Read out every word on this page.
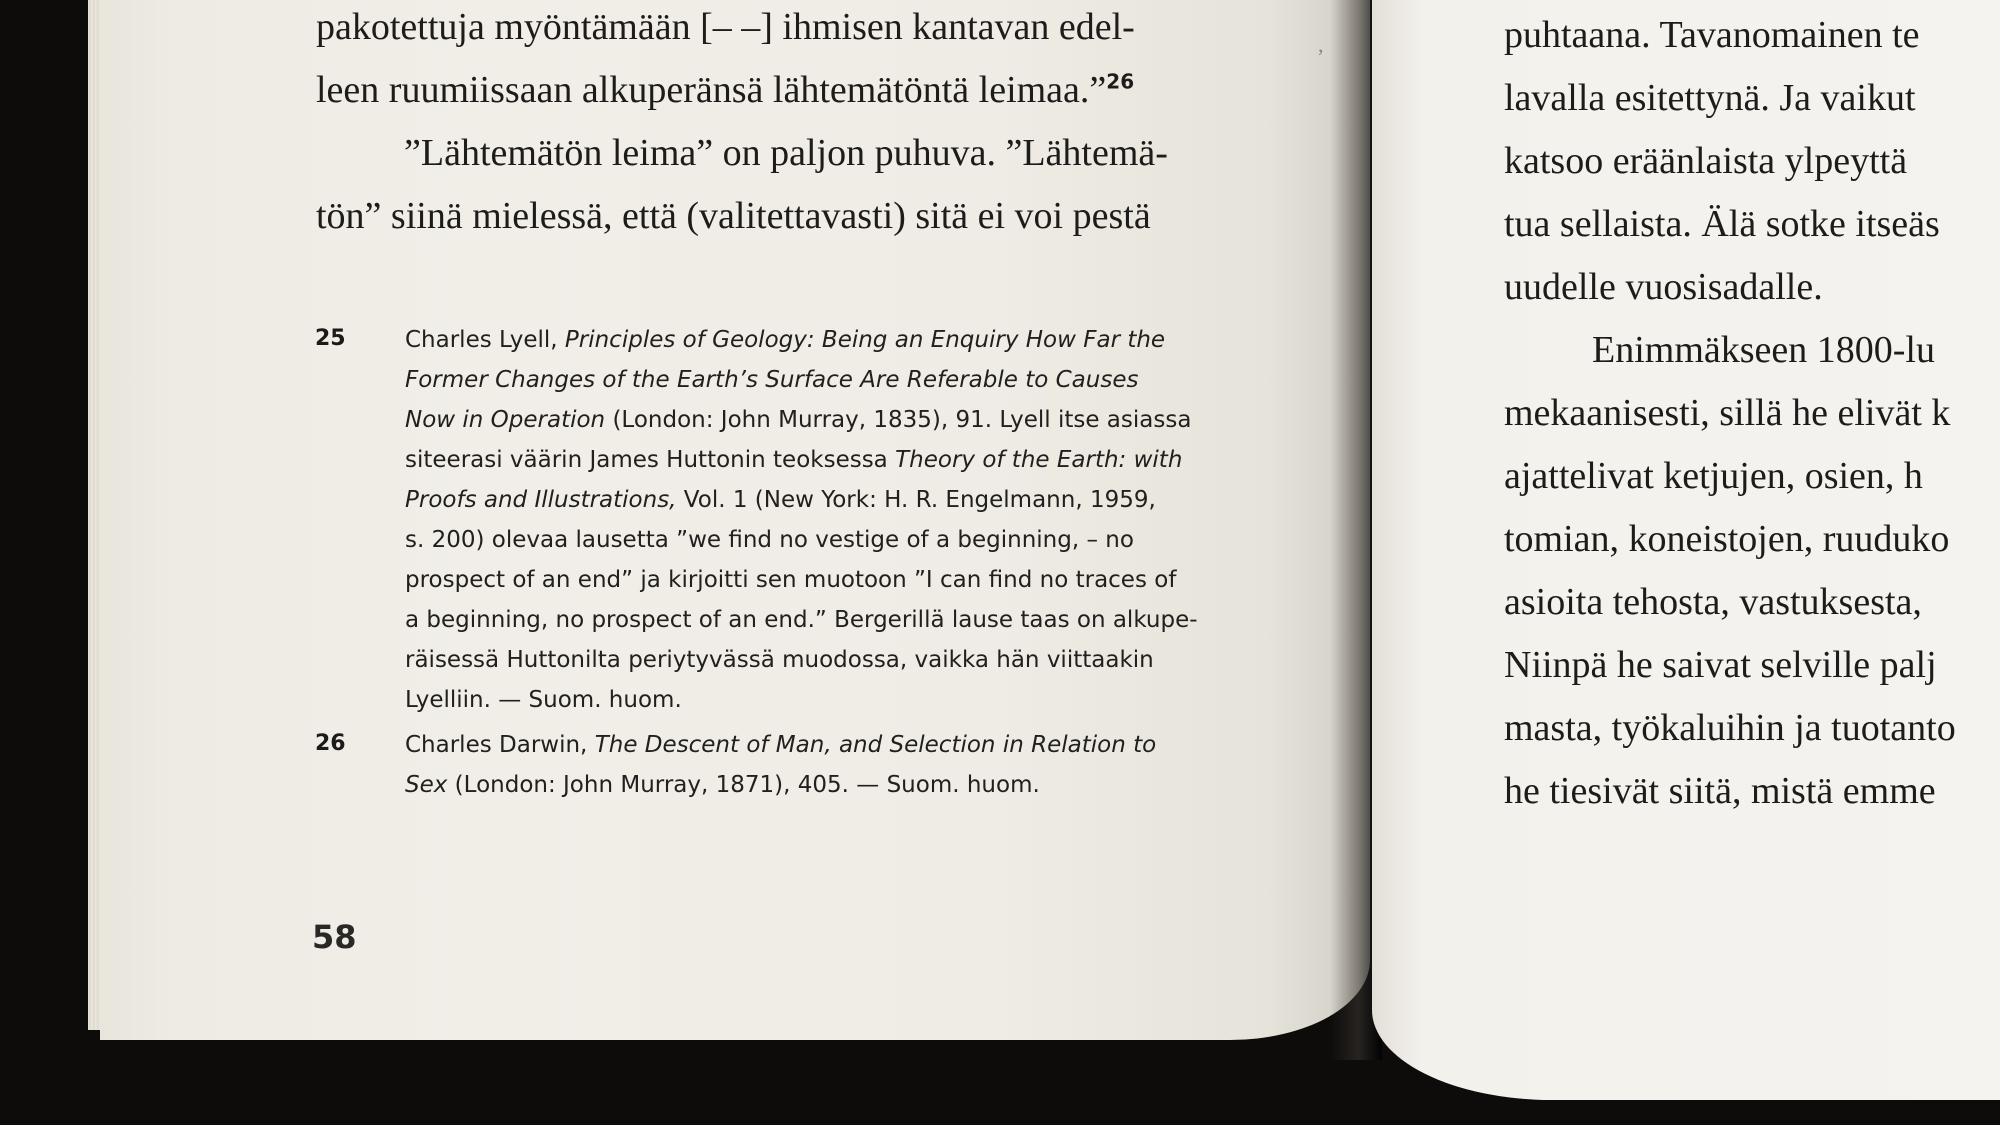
pakotettuja myöntämään [– –] ihmisen kantavan edel-
leen ruumiissaan alkuperänsä lähtemätöntä leimaa.”$^{26}$
”Lähtemätön leima” on paljon puhuva. ”Lähtemä-
tön” siinä mielessä, että (valitettavasti) sitä ei voi pestä
25	Charles Lyell, Principles of Geology: Being an Enquiry How Far the
Former Changes of the Earth’s Surface Are Referable to Causes
Now in Operation (London: John Murray, 1835), 91. Lyell itse asiassa
siteerasi väärin James Huttonin teoksessa Theory of the Earth: with
Proofs and Illustrations, Vol. 1 (New York: H. R. Engelmann, 1959,
s. 200) olevaa lausetta ”we find no vestige of a beginning, – no
prospect of an end” ja kirjoitti sen muotoon ”I can find no traces of
a beginning, no prospect of an end.” Bergerillä lause taas on alkupe-
räisessä Huttonilta periytyvässä muodossa, vaikka hän viittaakin
Lyelliin. — Suom. huom.
26	Charles Darwin, The Descent of Man, and Selection in Relation to
Sex (London: John Murray, 1871), 405. — Suom. huom.
58
puhtaana. Tavanomainen te
lavalla esitettynä. Ja vaikut
katsoo eräänlaista ylpeyttä
tua sellaista. Älä sotke itseäs
uudelle vuosisadalle.
Enimmäkseen 1800-lu
mekaanisesti, sillä he elivät k
ajattelivat ketjujen, osien, h
tomian, koneistojen, ruuduko
asioita tehosta, vastuksesta,
Niinpä he saivat selville palj
masta, työkaluihin ja tuotanto
he tiesivät siitä, mistä emme
,
